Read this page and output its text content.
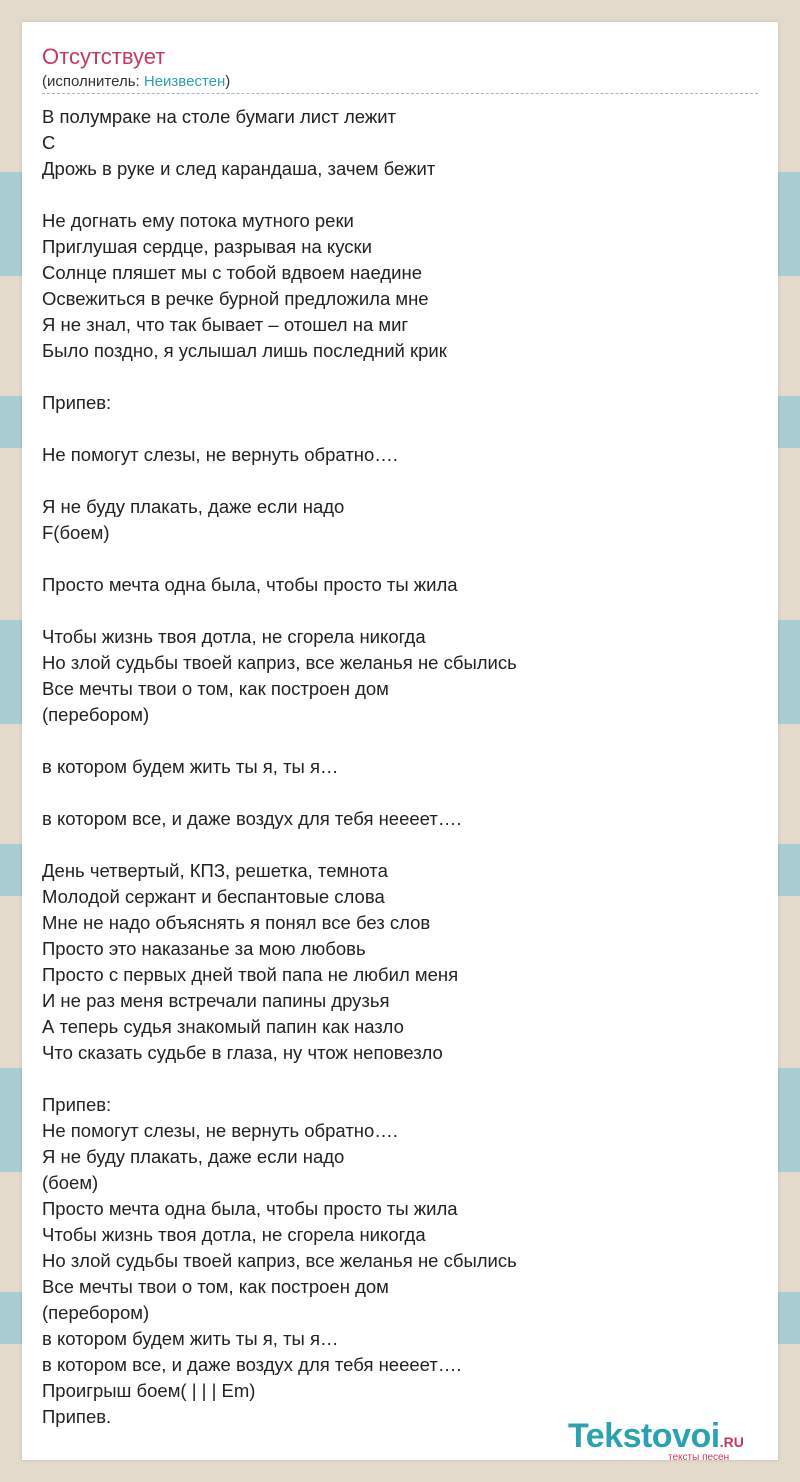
Отсутствует
(исполнитель: Неизвестен)
В полумраке на столе бумаги лист лежит
C
Дрожь в руке и след карандаша, зачем бежит

Не догнать ему потока мутного реки
Приглушая сердце, разрывая на куски
Солнце пляшет мы с тобой вдвоем наедине
Освежиться в речке бурной предложила мне
Я не знал, что так бывает – отошел на миг
Было поздно, я услышал лишь последний крик

Припев:

Не помогут слезы, не вернуть обратно….

Я не буду плакать, даже если надо
F(боем)

Просто мечта одна была, чтобы просто ты жила

Чтобы жизнь твоя дотла, не сгорела никогда
Но злой судьбы твоей каприз, все желанья не сбылись
Все мечты твои о том, как построен дом
(перебором)

в котором будем жить ты я, ты я…

в котором все, и даже воздух для тебя неееет….

День четвертый, КПЗ, решетка, темнота
Молодой сержант и беспантовые слова
Мне не надо объяснять я понял все без слов
Просто это наказанье за мою любовь
Просто с первых дней твой папа не любил меня
И не раз меня встречали папины друзья
А теперь судья знакомый папин как назло
Что сказать судьбе в глаза, ну чтож неповезло

Припев:
Не помогут слезы, не вернуть обратно….
Я не буду плакать, даже если надо
(боем)
Просто мечта одна была, чтобы просто ты жила
Чтобы жизнь твоя дотла, не сгорела никогда
Но злой судьбы твоей каприз, все желанья не сбылись
Все мечты твои о том, как построен дом
(перебором)
в котором будем жить ты я, ты я…
в котором все, и даже воздух для тебя неееет….
Проигрыш боем( | | | Em)
Припев.
Tekstovoi.RU
тексты песен
